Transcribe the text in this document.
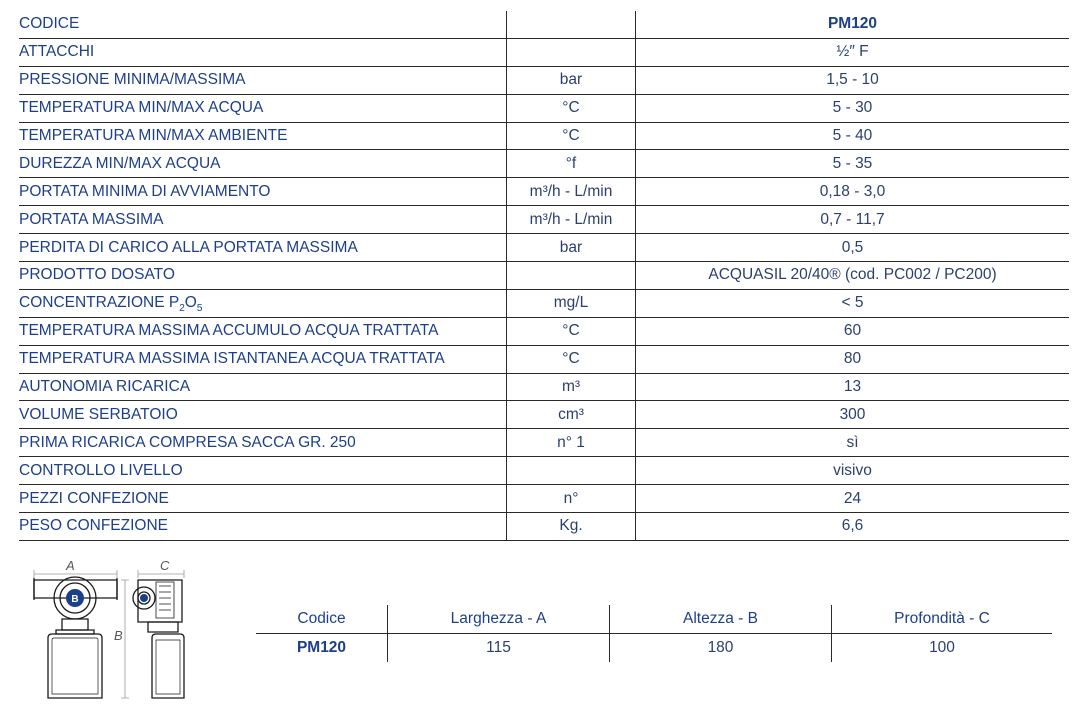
CODICE		PM120
ATTACCHI		½″ F
PRESSIONE MINIMA/MASSIMA	bar	1,5 - 10
TEMPERATURA MIN/MAX ACQUA	°C	5 - 30
TEMPERATURA MIN/MAX AMBIENTE	°C	5 - 40
DUREZZA MIN/MAX ACQUA	°f	5 - 35
PORTATA MINIMA DI AVVIAMENTO	m³/h - L/min	0,18 - 3,0
PORTATA MASSIMA	m³/h - L/min	0,7 - 11,7
PERDITA DI CARICO ALLA PORTATA MASSIMA	bar	0,5
PRODOTTO DOSATO		ACQUASIL 20/40® (cod. PC002 / PC200)
CONCENTRAZIONE $P_2O_5$	mg/L	< 5
TEMPERATURA MASSIMA ACCUMULO ACQUA TRATTATA	°C	60
TEMPERATURA MASSIMA ISTANTANEA ACQUA TRATTATA	°C	80
AUTONOMIA RICARICA	m³	13
VOLUME SERBATOIO	cm³	300
PRIMA RICARICA COMPRESA SACCA GR. 250	n° 1	sì
CONTROLLO LIVELLO		visivo
PEZZI CONFEZIONE	n°	24
PESO CONFEZIONE	Kg.	6,6
B
A
B
C
Codice	Larghezza - A	Altezza - B	Profondità - C
PM120	115	180	100
